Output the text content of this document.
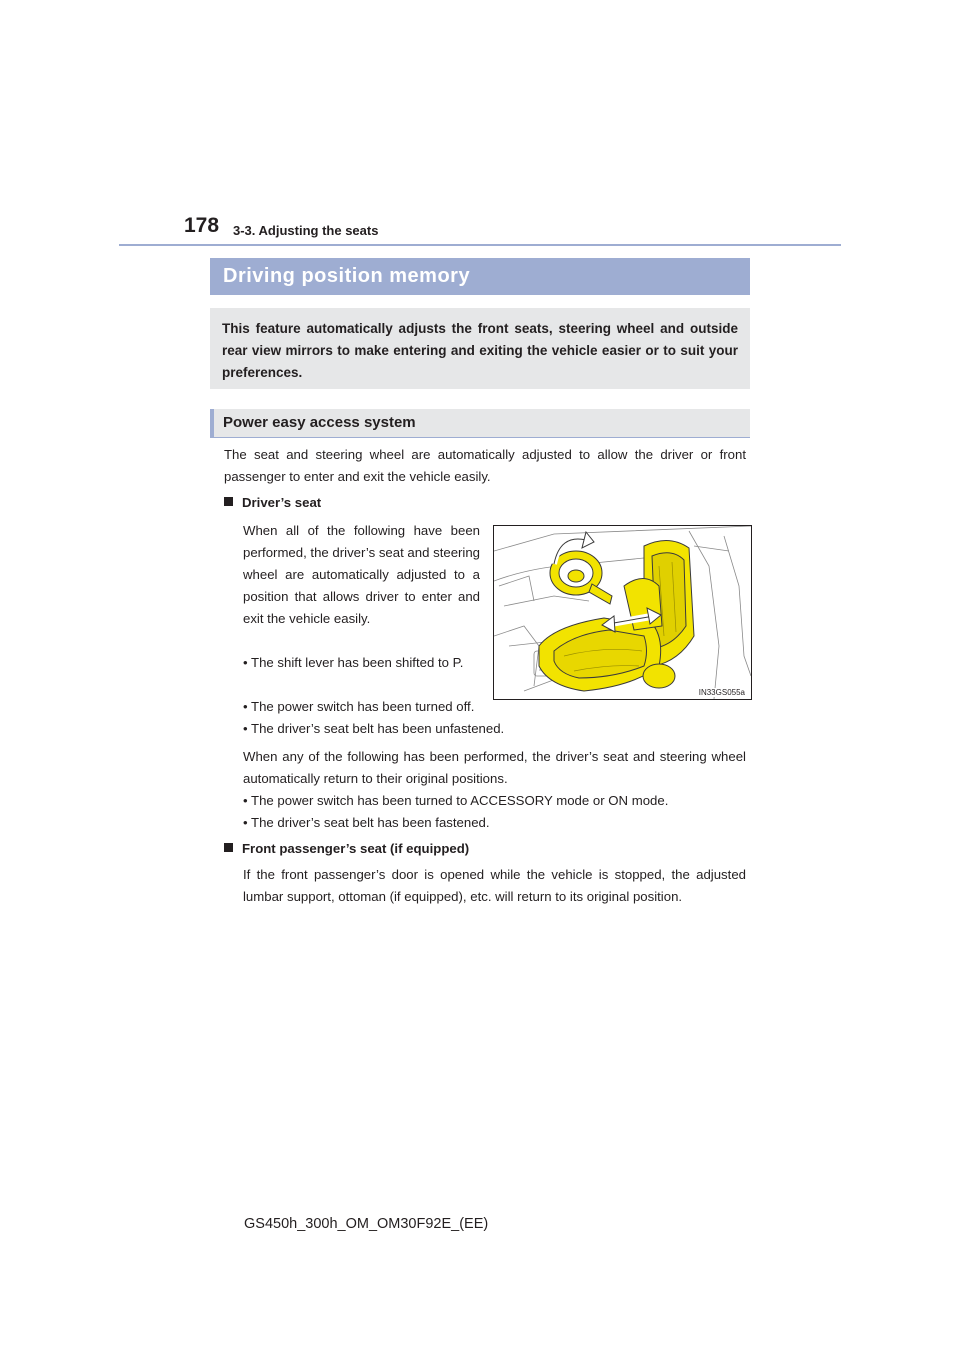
178 3-3. Adjusting the seats
Driving position memory

This feature automatically adjusts the front seats, steering wheel and outside rear view mirrors to make entering and exiting the vehicle easier or to suit your preferences.

Power easy access system
The seat and steering wheel are automatically adjusted to allow the driver or front passenger to enter and exit the vehicle easily.
Driver’s seat
When all of the following have been performed, the driver’s seat and steering wheel are automatically adjusted to a position that allows driver to enter and exit the vehicle easily.
• The shift lever has been shifted to P.
• The power switch has been turned off.
• The driver’s seat belt has been unfastened.
When any of the following has been performed, the driver’s seat and steering wheel automatically return to their original positions.
• The power switch has been turned to ACCESSORY mode or ON mode.
• The driver’s seat belt has been fastened.
Front passenger’s seat (if equipped)
If the front passenger’s door is opened while the vehicle is stopped, the adjusted lumbar support, ottoman (if equipped), etc. will return to its original position.
IN33GS055a
GS450h_300h_OM_OM30F92E_(EE)
